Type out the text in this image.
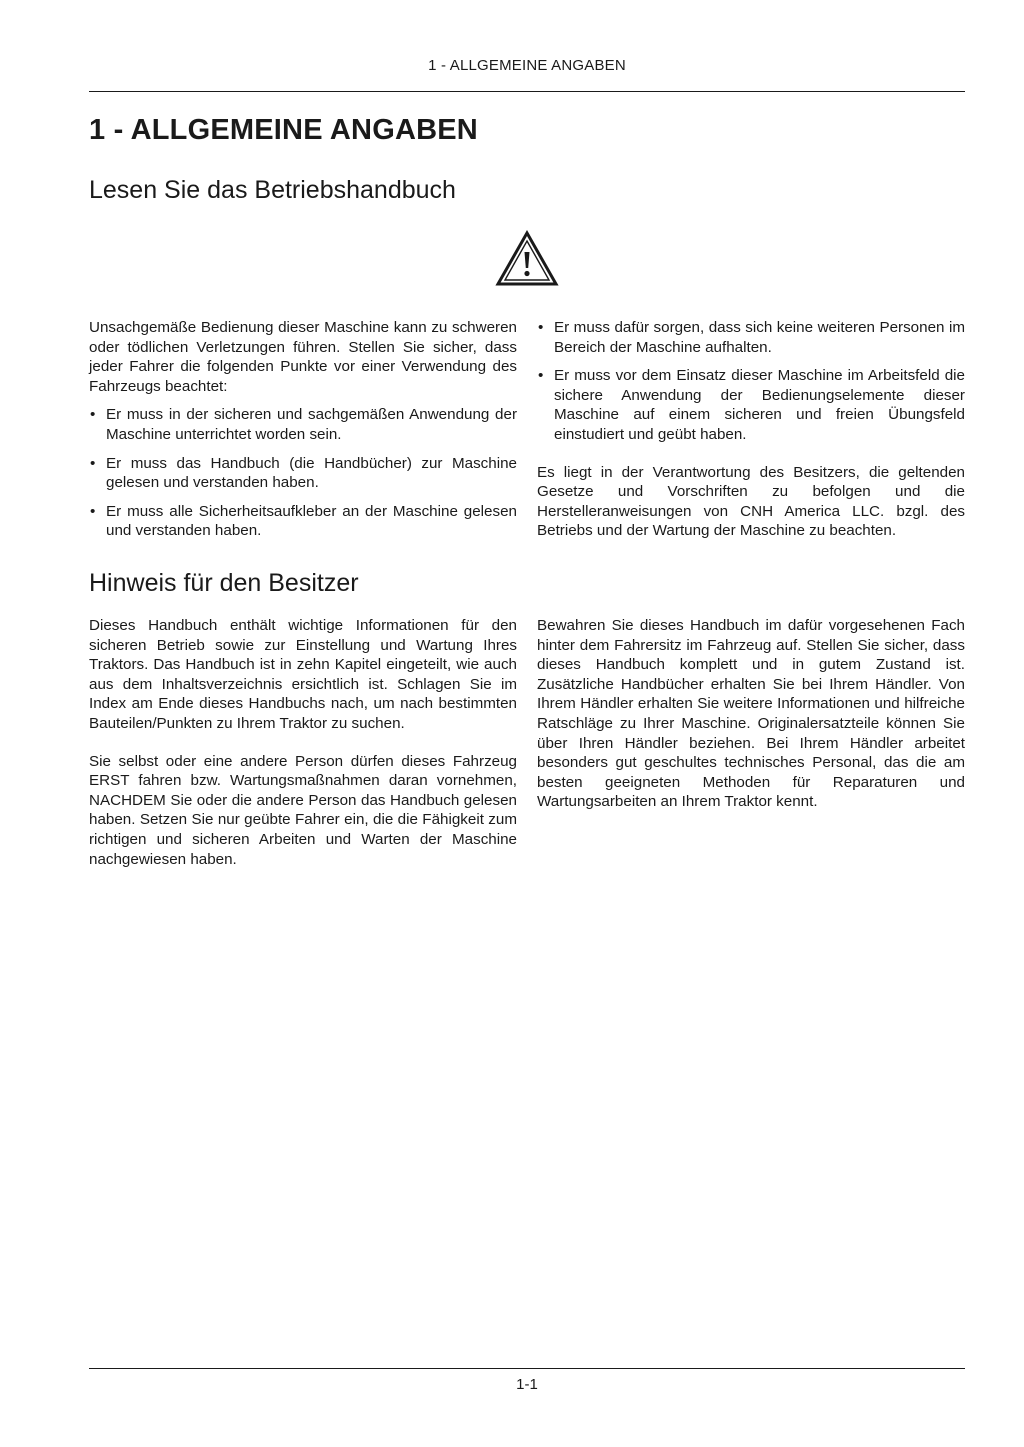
1 - ALLGEMEINE ANGABEN
1 - ALLGEMEINE ANGABEN
Lesen Sie das Betriebshandbuch

Unsachgemäße Bedienung dieser Maschine kann zu schweren oder tödlichen Verletzungen führen. Stellen Sie sicher, dass jeder Fahrer die folgenden Punkte vor einer Verwendung des Fahrzeugs beachtet:

• Er muss in der sicheren und sachgemäßen Anwendung der Maschine unterrichtet worden sein.
• Er muss das Handbuch (die Handbücher) zur Maschine gelesen und verstanden haben.
• Er muss alle Sicherheitsaufkleber an der Maschine gelesen und verstanden haben.
• Er muss dafür sorgen, dass sich keine weiteren Personen im Bereich der Maschine aufhalten.
• Er muss vor dem Einsatz dieser Maschine im Arbeitsfeld die sichere Anwendung der Bedienungselemente dieser Maschine auf einem sicheren und freien Übungsfeld einstudiert und geübt haben.

Es liegt in der Verantwortung des Besitzers, die geltenden Gesetze und Vorschriften zu befolgen und die Herstelleranweisungen von CNH America LLC. bzgl. des Betriebs und der Wartung der Maschine zu beachten.

Hinweis für den Besitzer

Dieses Handbuch enthält wichtige Informationen für den sicheren Betrieb sowie zur Einstellung und Wartung Ihres Traktors. Das Handbuch ist in zehn Kapitel eingeteilt, wie auch aus dem Inhaltsverzeichnis ersichtlich ist. Schlagen Sie im Index am Ende dieses Handbuchs nach, um nach bestimmten Bauteilen/Punkten zu Ihrem Traktor zu suchen.

Sie selbst oder eine andere Person dürfen dieses Fahrzeug ERST fahren bzw. Wartungsmaßnahmen daran vornehmen, NACHDEM Sie oder die andere Person das Handbuch gelesen haben. Setzen Sie nur geübte Fahrer ein, die die Fähigkeit zum richtigen und sicheren Arbeiten und Warten der Maschine nachgewiesen haben.

Bewahren Sie dieses Handbuch im dafür vorgesehenen Fach hinter dem Fahrersitz im Fahrzeug auf. Stellen Sie sicher, dass dieses Handbuch komplett und in gutem Zustand ist. Zusätzliche Handbücher erhalten Sie bei Ihrem Händler. Von Ihrem Händler erhalten Sie weitere Informationen und hilfreiche Ratschläge zu Ihrer Maschine. Originalersatzteile können Sie über Ihren Händler beziehen. Bei Ihrem Händler arbeitet besonders gut geschultes technisches Personal, das die am besten geeigneten Methoden für Reparaturen und Wartungsarbeiten an Ihrem Traktor kennt.

1-1
